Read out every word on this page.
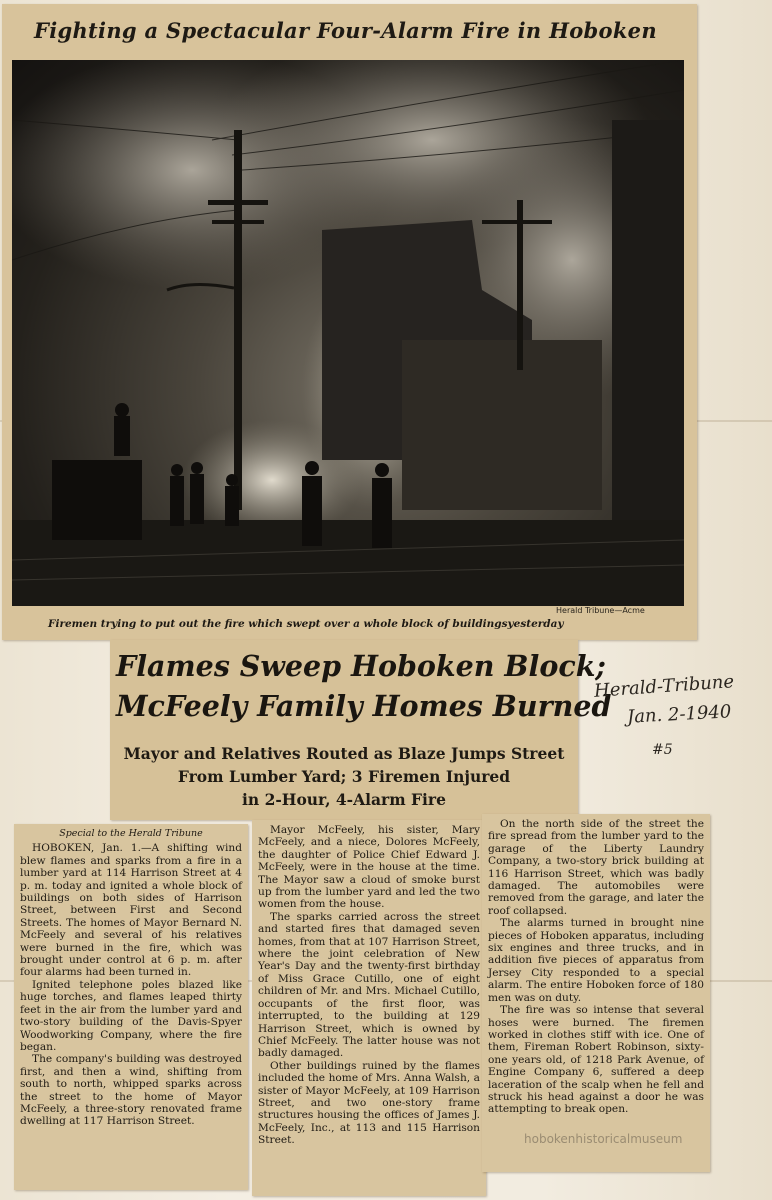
Fighting a Spectacular Four-Alarm Fire in Hoboken
Herald Tribune—Acme
Firemen trying to put out the fire which swept over a whole block of buildingsyesterday
Flames Sweep Hoboken Block;
McFeely Family Homes Burned
Mayor and Relatives Routed as Blaze Jumps Street
From Lumber Yard; 3 Firemen Injured
in 2-Hour, 4-Alarm Fire
Herald-Tribune
Jan. 2-1940
#5
Special to the Herald Tribune

HOBOKEN, Jan. 1.—A shifting wind blew flames and sparks from a fire in a lumber yard at 114 Harrison Street at 4 p. m. today and ignited a whole block of buildings on both sides of Harrison Street, between First and Second Streets. The homes of Mayor Bernard N. McFeely and several of his relatives were burned in the fire, which was brought under control at 6 p. m. after four alarms had been turned in.

Ignited telephone poles blazed like huge torches, and flames leaped thirty feet in the air from the lumber yard and two-story building of the Davis-Spyer Woodworking Company, where the fire began.

The company's building was destroyed first, and then a wind, shifting from south to north, whipped sparks across the street to the home of Mayor McFeely, a three-story renovated frame dwelling at 117 Harrison Street.

Mayor McFeely, his sister, Mary McFeely, and a niece, Dolores McFeely, the daughter of Police Chief Edward J. McFeely, were in the house at the time. The Mayor saw a cloud of smoke burst up from the lumber yard and led the two women from the house.

The sparks carried across the street and started fires that damaged seven homes, from that at 107 Harrison Street, where the joint celebration of New Year's Day and the twenty-first birthday of Miss Grace Cutillo, one of eight children of Mr. and Mrs. Michael Cutillo, occupants of the first floor, was interrupted, to the building at 129 Harrison Street, which is owned by Chief McFeely. The latter house was not badly damaged.

Other buildings ruined by the flames included the home of Mrs. Anna Walsh, a sister of Mayor McFeely, at 109 Harrison Street, and two one-story frame structures housing the offices of James J. McFeely, Inc., at 113 and 115 Harrison Street.

On the north side of the street the fire spread from the lumber yard to the garage of the Liberty Laundry Company, a two-story brick building at 116 Harrison Street, which was badly damaged. The automobiles were removed from the garage, and later the roof collapsed.

The alarms turned in brought nine pieces of Hoboken apparatus, including six engines and three trucks, and in addition five pieces of apparatus from Jersey City responded to a special alarm. The entire Hoboken force of 180 men was on duty.

The fire was so intense that several hoses were burned. The firemen worked in clothes stiff with ice. One of them, Fireman Robert Robinson, sixty-one years old, of 1218 Park Avenue, of Engine Company 6, suffered a deep laceration of the scalp when he fell and struck his head against a door he was attempting to break open.

hobokenhistoricalmuseum
